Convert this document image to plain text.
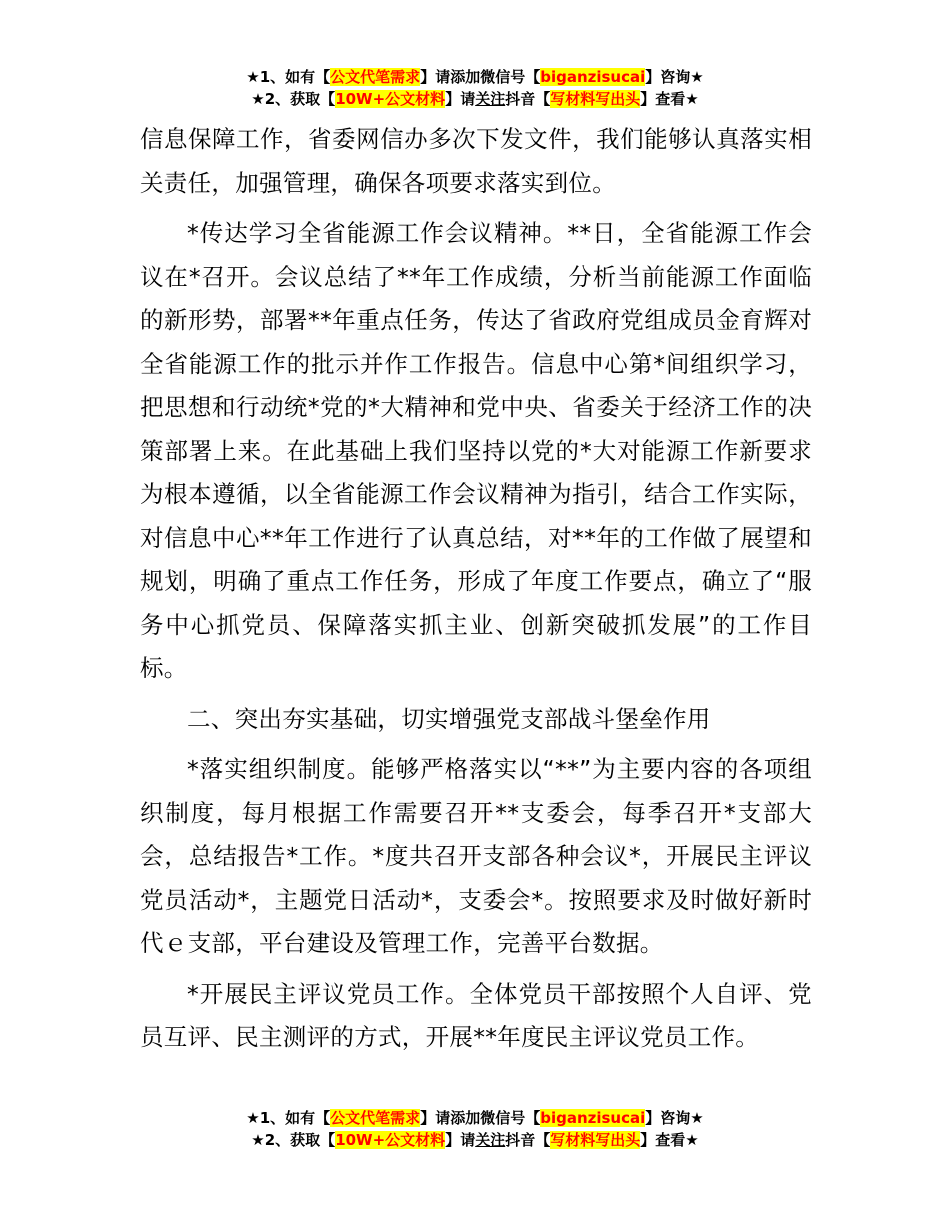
★1、如有【公文代笔需求】请添加微信号【biganzisucai】咨询★
★2、获取【10W+公文材料】请关注抖音【写材料写出头】查看★

信息保障工作，省委网信办多次下发文件，我们能够认真落实相关责任，加强管理，确保各项要求落实到位。

*传达学习全省能源工作会议精神。**日，全省能源工作会议在*召开。会议总结了**年工作成绩，分析当前能源工作面临的新形势，部署**年重点任务，传达了省政府党组成员金育辉对全省能源工作的批示并作工作报告。信息中心第*间组织学习，把思想和行动统*党的*大精神和党中央、省委关于经济工作的决策部署上来。在此基础上我们坚持以党的*大对能源工作新要求为根本遵循，以全省能源工作会议精神为指引，结合工作实际，对信息中心**年工作进行了认真总结，对**年的工作做了展望和规划，明确了重点工作任务，形成了年度工作要点，确立了“服务中心抓党员、保障落实抓主业、创新突破抓发展”的工作目标。

二、突出夯实基础，切实增强党支部战斗堡垒作用

*落实组织制度。能够严格落实以“**”为主要内容的各项组织制度，每月根据工作需要召开**支委会，每季召开*支部大会，总结报告*工作。*度共召开支部各种会议*，开展民主评议党员活动*，主题党日活动*，支委会*。按照要求及时做好新时代ｅ支部，平台建设及管理工作，完善平台数据。

*开展民主评议党员工作。全体党员干部按照个人自评、党员互评、民主测评的方式，开展**年度民主评议党员工作。

★1、如有【公文代笔需求】请添加微信号【biganzisucai】咨询★
★2、获取【10W+公文材料】请关注抖音【写材料写出头】查看★
